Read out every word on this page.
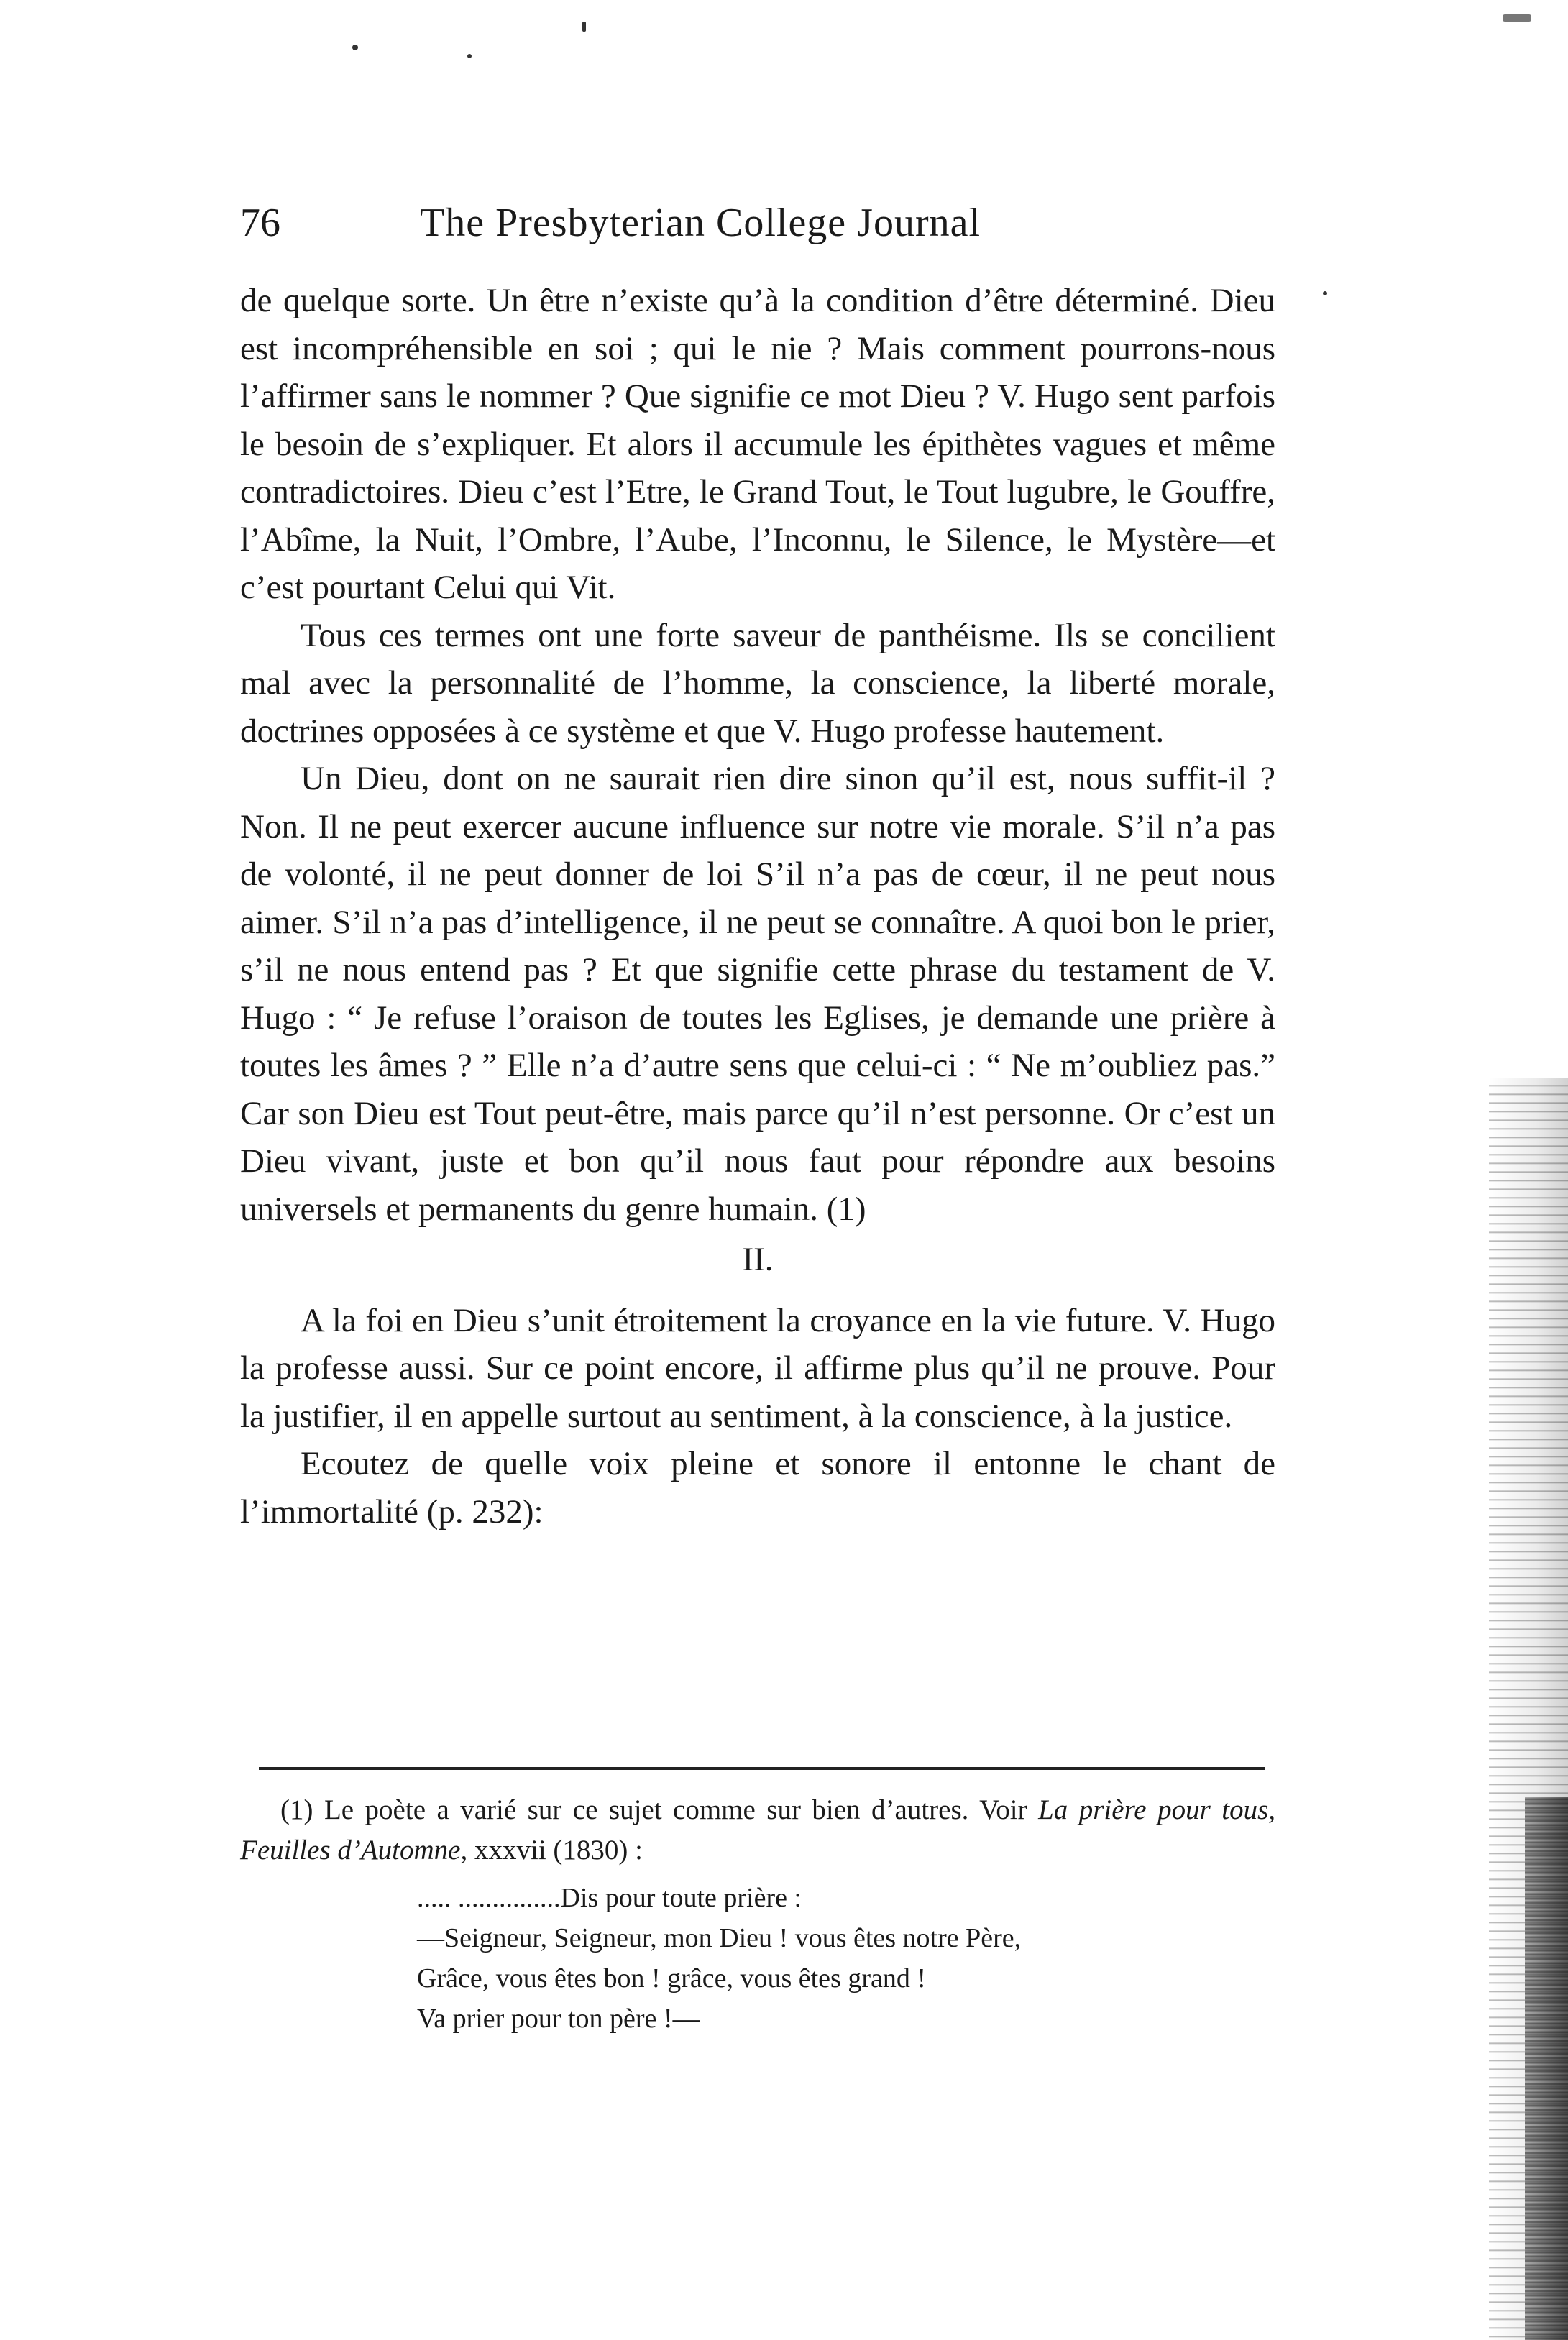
76	The Presbyterian College Journal

de quelque sorte. Un être n’existe qu’à la condition d’être déterminé. Dieu est incompréhensible en soi ; qui le nie ? Mais comment pourrons-nous l’affirmer sans le nommer ? Que signifie ce mot Dieu ? V. Hugo sent parfois le besoin de s’expliquer. Et alors il accumule les épithètes vagues et même contradictoires. Dieu c’est l’Etre, le Grand Tout, le Tout lugubre, le Gouffre, l’Abîme, la Nuit, l’Ombre, l’Aube, l’Inconnu, le Silence, le Mystère—et c’est pourtant Celui qui Vit.

Tous ces termes ont une forte saveur de panthéisme. Ils se concilient mal avec la personnalité de l’homme, la conscience, la liberté morale, doctrines opposées à ce système et que V. Hugo professe hautement.

Un Dieu, dont on ne saurait rien dire sinon qu’il est, nous suffit-il ? Non. Il ne peut exercer aucune influence sur notre vie morale. S’il n’a pas de volonté, il ne peut donner de loi S’il n’a pas de cœur, il ne peut nous aimer. S’il n’a pas d’intelligence, il ne peut se connaître. A quoi bon le prier, s’il ne nous entend pas ? Et que signifie cette phrase du testament de V. Hugo : “ Je refuse l’oraison de toutes les Eglises, je demande une prière à toutes les âmes ? ” Elle n’a d’autre sens que celui-ci : “ Ne m’oubliez pas.” Car son Dieu est Tout peut-être, mais parce qu’il n’est personne. Or c’est un Dieu vivant, juste et bon qu’il nous faut pour répondre aux besoins universels et permanents du genre humain. (1)

II.

A la foi en Dieu s’unit étroitement la croyance en la vie future. V. Hugo la professe aussi. Sur ce point encore, il affirme plus qu’il ne prouve. Pour la justifier, il en appelle surtout au sentiment, à la conscience, à la justice.

Ecoutez de quelle voix pleine et sonore il entonne le chant de l’immortalité (p. 232):

(1) Le poète a varié sur ce sujet comme sur bien d’autres. Voir La prière pour tous, Feuilles d’Automne, xxxvii (1830) :

..... ...............Dis pour toute prière :
—Seigneur, Seigneur, mon Dieu ! vous êtes notre Père,
Grâce, vous êtes bon ! grâce, vous êtes grand !
Va prier pour ton père !—
